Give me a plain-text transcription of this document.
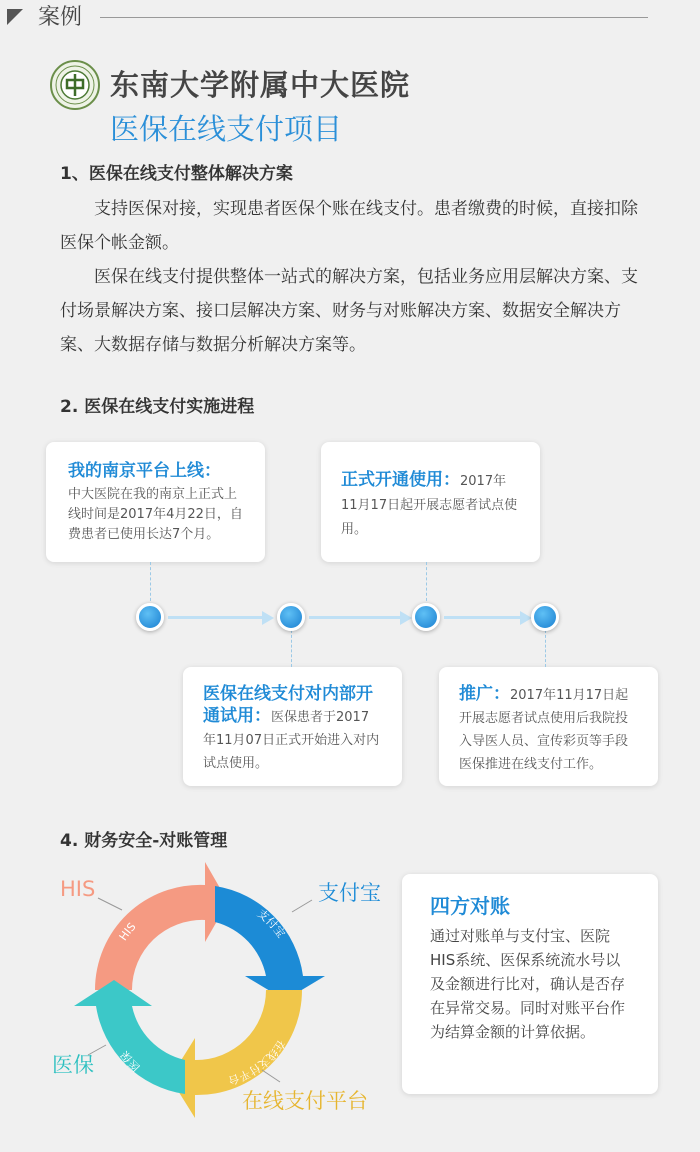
案例
东南大学附属中大医院
医保在线支付项目
1、医保在线支付整体解决方案
支持医保对接，实现患者医保个账在线支付。患者缴费的时候，直接扣除医保个帐金额。
医保在线支付提供整体一站式的解决方案，包括业务应用层解决方案、支付场景解决方案、接口层解决方案、财务与对账解决方案、数据安全解决方案、大数据存储与数据分析解决方案等。
2. 医保在线支付实施进程
我的南京平台上线：
中大医院在我的南京上正式上线时间是2017年4月22日，自费患者已使用长达7个月。
正式开通使用：2017年11月17日起开展志愿者试点使用。
医保在线支付对内部开通试用：医保患者于2017年11月07日正式开始进入对内试点使用。
推广：2017年11月17日起开展志愿者试点使用后我院投入导医人员、宣传彩页等手段医保推进在线支付工作。
4. 财务安全-对账管理
HIS
支付宝
在线支付平台
医保
HIS	支付宝
在线支付平台
医保
四方对账
通过对账单与支付宝、医院HIS系统、医保系统流水号以及金额进行比对，确认是否存在异常交易。同时对账平台作为结算金额的计算依据。
